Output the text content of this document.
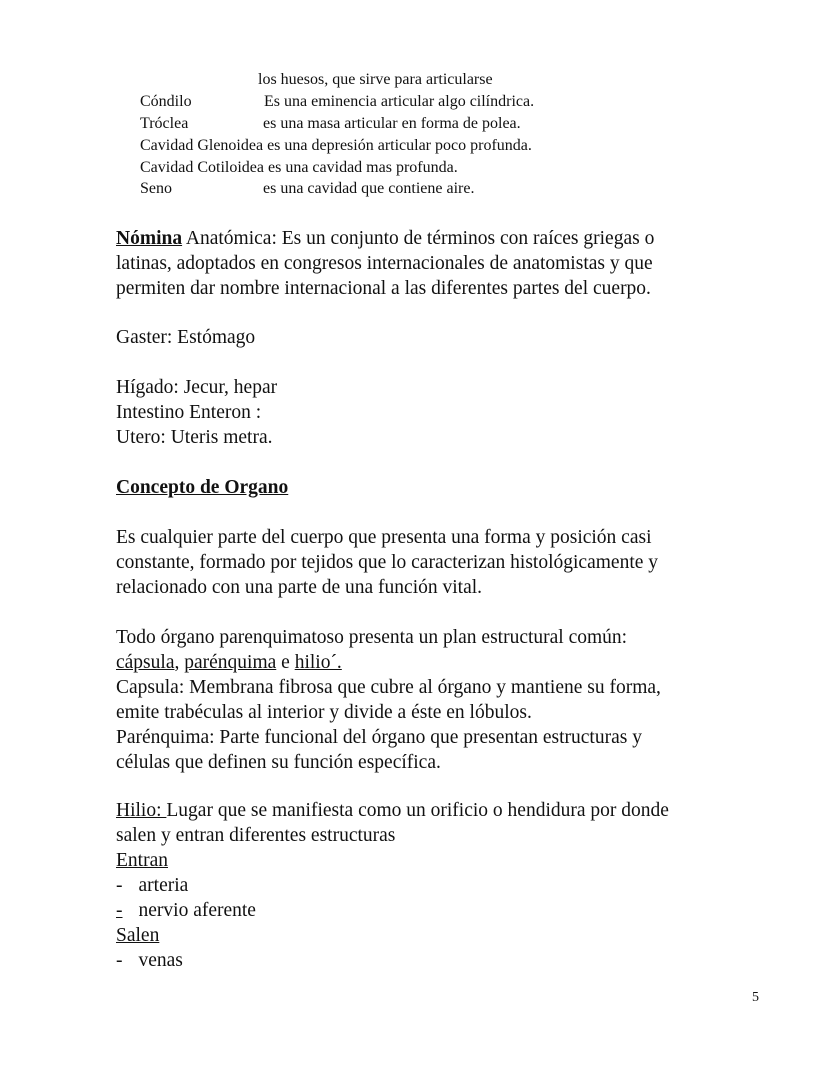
los huesos, que sirve para articularse
Cóndilo	Es una eminencia articular algo cilíndrica.
Tróclea	es una masa articular en forma de polea.
Cavidad Glenoidea es una depresión articular poco profunda.
Cavidad Cotiloidea es una cavidad mas profunda.
Seno	es una cavidad que contiene aire.
Nómina Anatómica: Es un conjunto de términos con raíces griegas o
latinas, adoptados en congresos internacionales de anatomistas y que
permiten dar nombre internacional a las diferentes partes del cuerpo.
Gaster: Estómago
Hígado: Jecur, hepar
Intestino Enteron :
Utero: Uteris metra.
Concepto de Organo
Es cualquier parte del cuerpo que presenta una forma y posición casi
constante, formado por tejidos que lo caracterizan histológicamente y
relacionado con una parte de una función vital.
Todo órgano parenquimatoso presenta un plan estructural común:
cápsula, parénquima e hilio´.
Capsula: Membrana fibrosa que cubre al órgano y mantiene su forma,
emite trabéculas al interior y divide a éste en lóbulos.
Parénquima: Parte funcional del órgano que presentan estructuras y
células que definen su función específica.
Hilio: Lugar que se manifiesta como un orificio o hendidura por donde
salen y entran diferentes estructuras
Entran
- arteria
- nervio aferente
Salen
- venas
5
